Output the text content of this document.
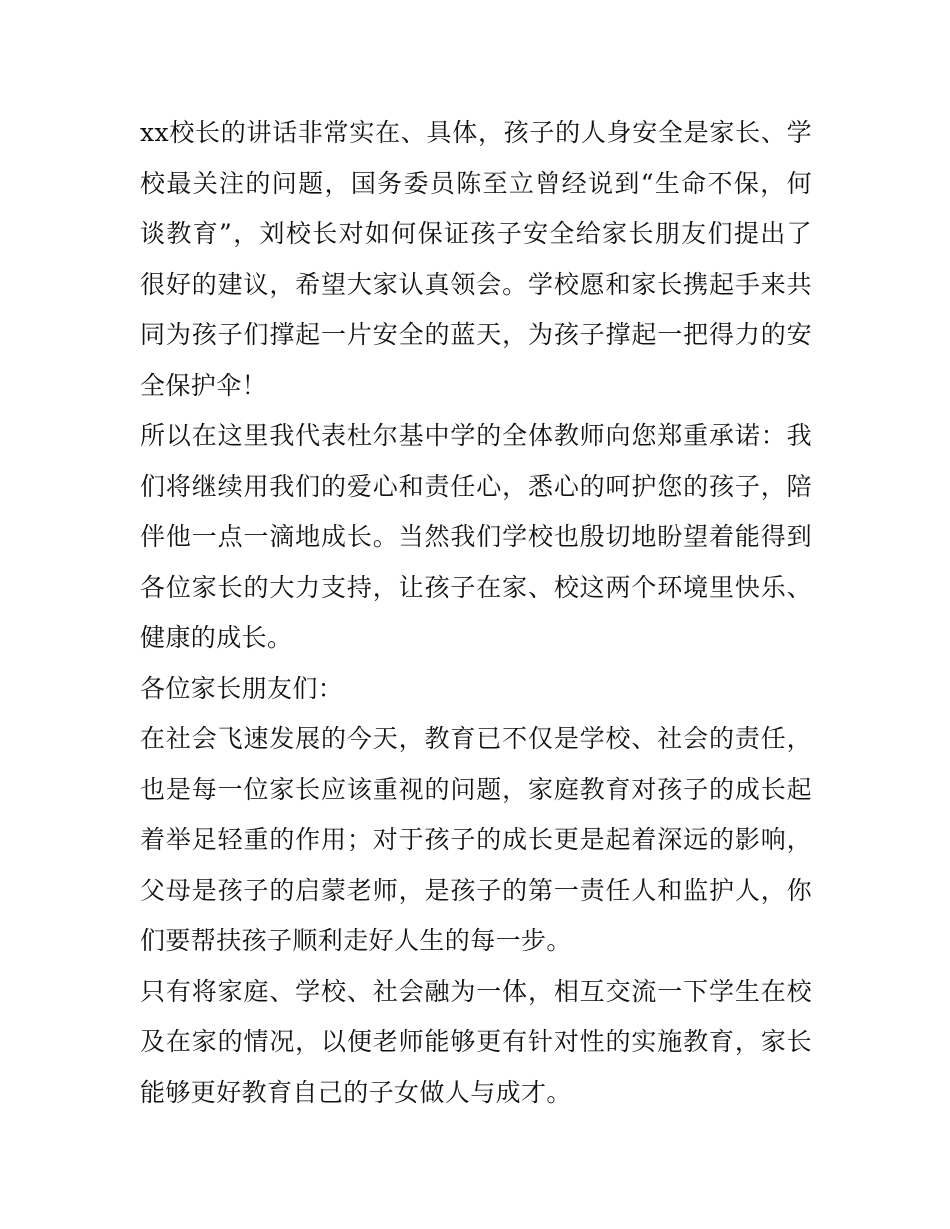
xx校长的讲话非常实在、具体，孩子的人身安全是家长、学校最关注的问题，国务委员陈至立曾经说到“生命不保，何谈教育”，刘校长对如何保证孩子安全给家长朋友们提出了很好的建议，希望大家认真领会。学校愿和家长携起手来共同为孩子们撑起一片安全的蓝天，为孩子撑起一把得力的安全保护伞！

所以在这里我代表杜尔基中学的全体教师向您郑重承诺：我们将继续用我们的爱心和责任心，悉心的呵护您的孩子，陪伴他一点一滴地成长。当然我们学校也殷切地盼望着能得到各位家长的大力支持，让孩子在家、校这两个环境里快乐、健康的成长。

各位家长朋友们：

在社会飞速发展的今天，教育已不仅是学校、社会的责任，也是每一位家长应该重视的问题，家庭教育对孩子的成长起着举足轻重的作用；对于孩子的成长更是起着深远的影响，父母是孩子的启蒙老师，是孩子的第一责任人和监护人，你们要帮扶孩子顺利走好人生的每一步。

只有将家庭、学校、社会融为一体，相互交流一下学生在校及在家的情况，以便老师能够更有针对性的实施教育，家长能够更好教育自己的子女做人与成才。
